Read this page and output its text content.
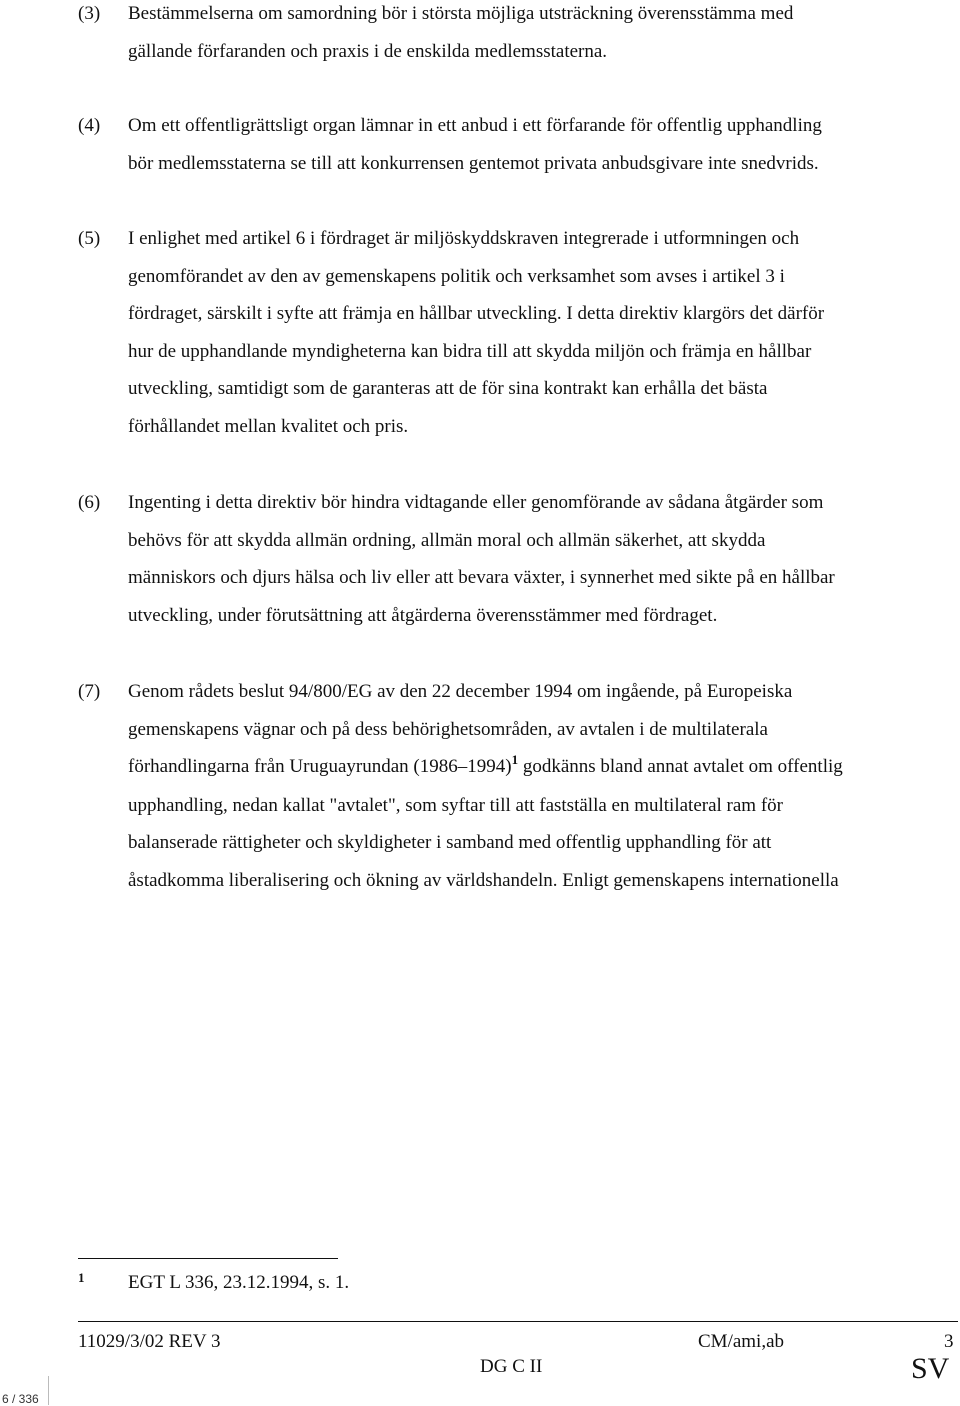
(3) Bestämmelserna om samordning bör i största möjliga utsträckning överensstämma med
gällande förfaranden och praxis i de enskilda medlemsstaterna.
(4) Om ett offentligrättsligt organ lämnar in ett anbud i ett förfarande för offentlig upphandling
bör medlemsstaterna se till att konkurrensen gentemot privata anbudsgivare inte snedvrids.
(5) I enlighet med artikel 6 i fördraget är miljöskyddskraven integrerade i utformningen och
genomförandet av den av gemenskapens politik och verksamhet som avses i artikel 3 i
fördraget, särskilt i syfte att främja en hållbar utveckling. I detta direktiv klargörs det därför
hur de upphandlande myndigheterna kan bidra till att skydda miljön och främja en hållbar
utveckling, samtidigt som de garanteras att de för sina kontrakt kan erhålla det bästa
förhållandet mellan kvalitet och pris.
(6) Ingenting i detta direktiv bör hindra vidtagande eller genomförande av sådana åtgärder som
behövs för att skydda allmän ordning, allmän moral och allmän säkerhet, att skydda
människors och djurs hälsa och liv eller att bevara växter, i synnerhet med sikte på en hållbar
utveckling, under förutsättning att åtgärderna överensstämmer med fördraget.
(7) Genom rådets beslut 94/800/EG av den 22 december 1994 om ingående, på Europeiska
gemenskapens vägnar och på dess behörighetsområden, av avtalen i de multilaterala
förhandlingarna från Uruguayrundan (1986–1994)$^1$ godkänns bland annat avtalet om offentlig
upphandling, nedan kallat "avtalet", som syftar till att fastställa en multilateral ram för
balanserade rättigheter och skyldigheter i samband med offentlig upphandling för att
åstadkomma liberalisering och ökning av världshandeln. Enligt gemenskapens internationella
1 EGT L 336, 23.12.1994, s. 1.
11029/3/02 REV 3
DG C II
CM/ami,ab	3
SV
6 / 336
